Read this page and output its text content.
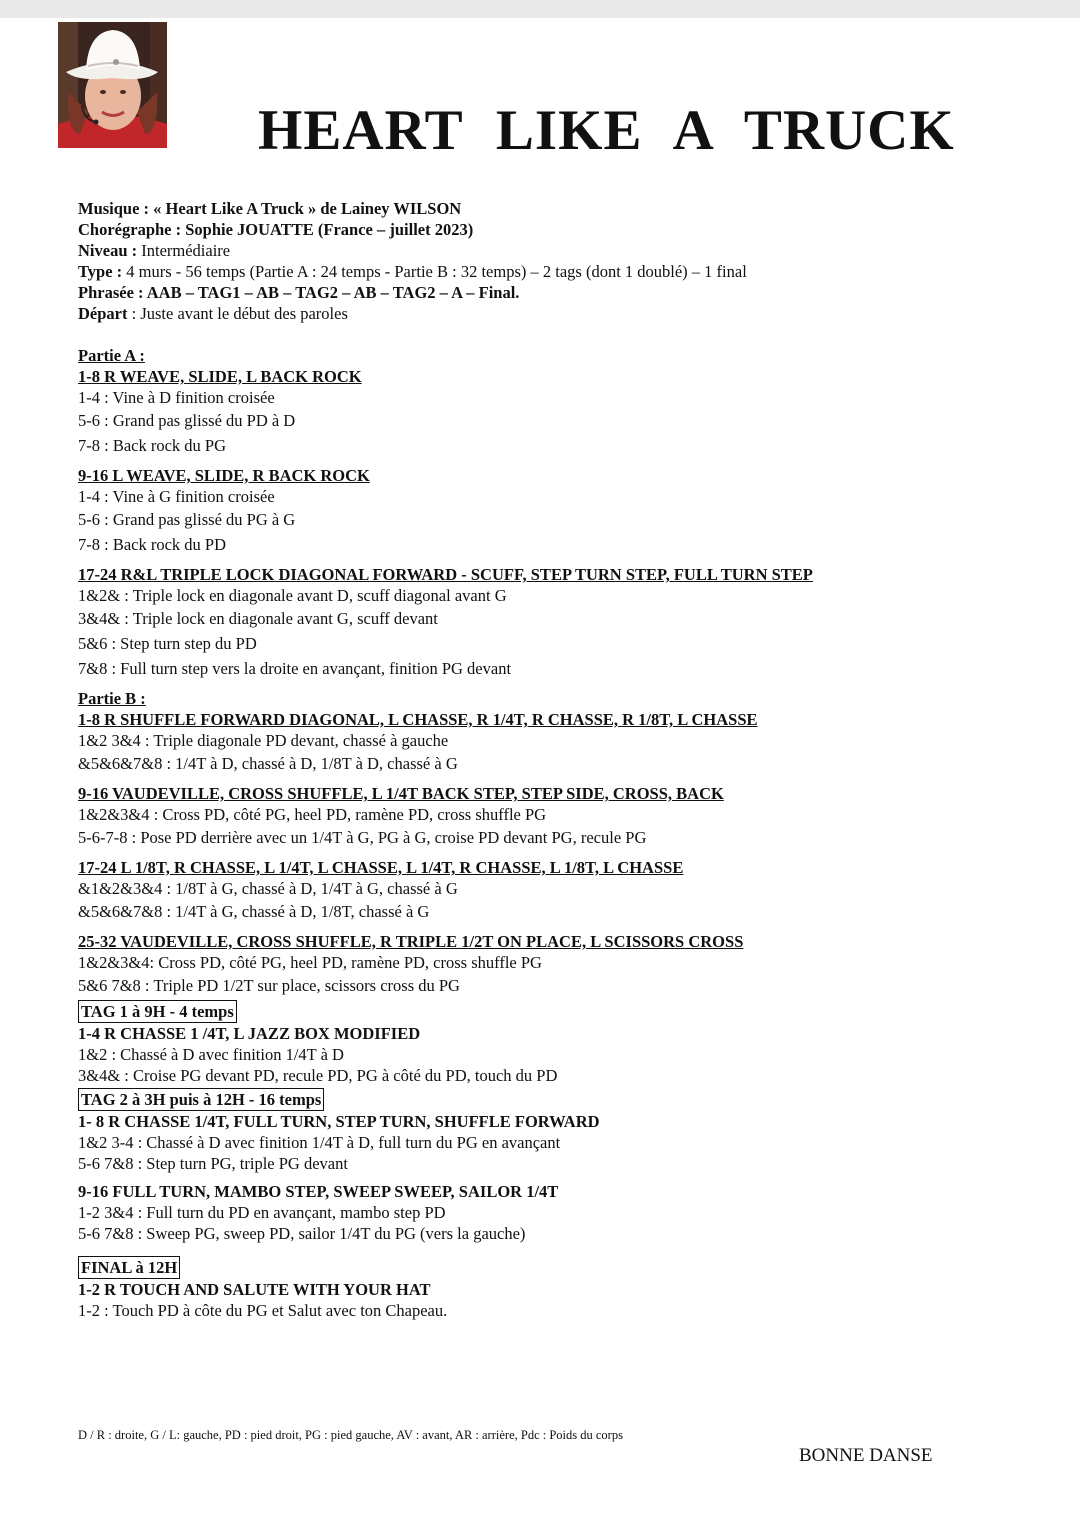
HEART LIKE A TRUCK
Musique : « Heart Like A Truck » de Lainey WILSON
Chorégraphe : Sophie JOUATTE (France – juillet 2023)
Niveau : Intermédiaire
Type : 4 murs - 56 temps (Partie A : 24 temps - Partie B : 32 temps) – 2 tags (dont 1 doublé) – 1 final
Phrasée : AAB – TAG1 – AB – TAG2 – AB – TAG2 – A – Final.
Départ : Juste avant le début des paroles
Partie A :
1-8 R WEAVE, SLIDE, L BACK ROCK
1-4 : Vine à D finition croisée
5-6 : Grand pas glissé du PD à D
7-8 : Back rock du PG
9-16 L WEAVE, SLIDE, R BACK ROCK
1-4 : Vine à G finition croisée
5-6 : Grand pas glissé du PG à G
7-8 : Back rock du PD
17-24 R&L TRIPLE LOCK DIAGONAL FORWARD - SCUFF, STEP TURN STEP, FULL TURN STEP
1&2& : Triple lock en diagonale avant D, scuff diagonal avant G
3&4& : Triple lock en diagonale avant G, scuff devant
5&6 : Step turn step du PD
7&8 : Full turn step vers la droite en avançant, finition PG devant
Partie B :
1-8 R SHUFFLE FORWARD DIAGONAL, L CHASSE, R 1/4T, R CHASSE, R 1/8T, L CHASSE
1&2 3&4 : Triple diagonale PD devant, chassé à gauche
&5&6&7&8 : 1/4T à D, chassé à D, 1/8T à D, chassé à G
9-16 VAUDEVILLE, CROSS SHUFFLE, L 1/4T BACK STEP, STEP SIDE, CROSS, BACK
1&2&3&4 : Cross PD, côté PG, heel PD, ramène PD, cross shuffle PG
5-6-7-8 : Pose PD derrière avec un 1/4T à G, PG à G, croise PD devant PG, recule PG
17-24 L 1/8T, R CHASSE, L 1/4T, L CHASSE, L 1/4T, R CHASSE, L 1/8T, L CHASSE
&1&2&3&4 : 1/8T à G, chassé à D, 1/4T à G, chassé à G
&5&6&7&8 : 1/4T à G, chassé à D, 1/8T, chassé à G
25-32 VAUDEVILLE, CROSS SHUFFLE, R TRIPLE 1/2T ON PLACE, L SCISSORS CROSS
1&2&3&4: Cross PD, côté PG, heel PD, ramène PD, cross shuffle PG
5&6 7&8 : Triple PD 1/2T sur place, scissors cross du PG
TAG 1 à 9H - 4 temps
1-4 R CHASSE 1 /4T, L JAZZ BOX MODIFIED
1&2 : Chassé à D avec finition 1/4T à D
3&4& : Croise PG devant PD, recule PD, PG à côté du PD, touch du PD
TAG 2 à 3H puis à 12H - 16 temps
1- 8 R CHASSE 1/4T, FULL TURN, STEP TURN, SHUFFLE FORWARD
1&2 3-4 : Chassé à D avec finition 1/4T à D, full turn du PG en avançant
5-6 7&8 : Step turn PG, triple PG devant
9-16 FULL TURN, MAMBO STEP, SWEEP SWEEP, SAILOR 1/4T
1-2 3&4 : Full turn du PD en avançant, mambo step PD
5-6 7&8 : Sweep PG, sweep PD, sailor 1/4T du PG (vers la gauche)
FINAL à 12H
1-2 R TOUCH AND SALUTE WITH YOUR HAT
1-2 : Touch PD à côte du PG et Salut avec ton Chapeau.
D / R : droite, G / L: gauche, PD : pied droit, PG : pied gauche, AV : avant, AR : arrière, Pdc : Poids du corps
BONNE DANSE
